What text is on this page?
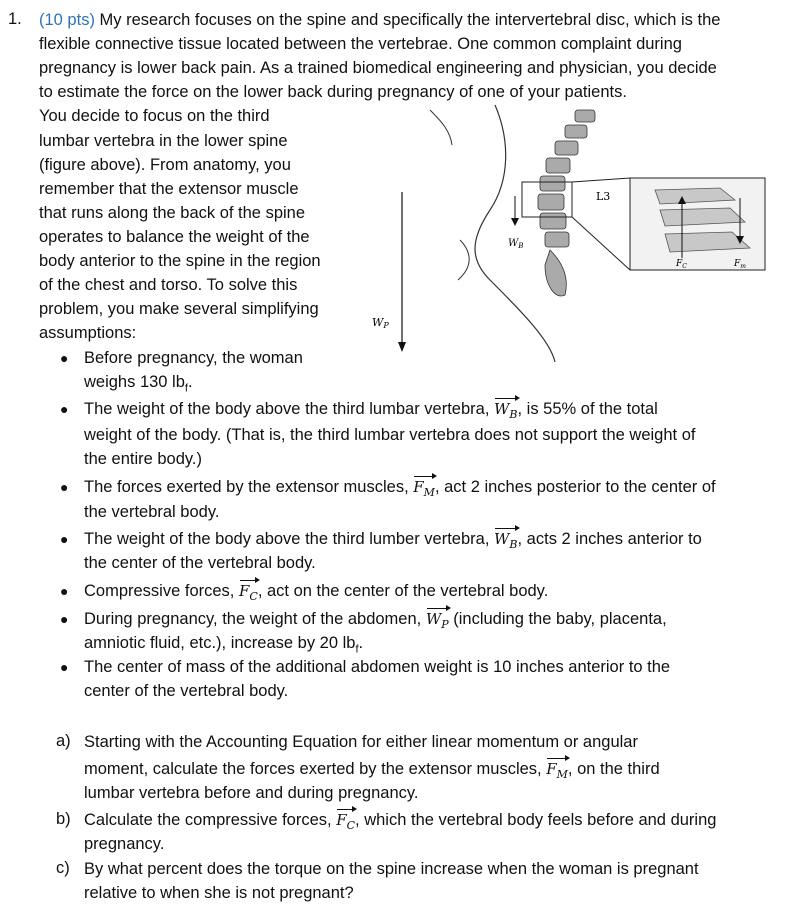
1. (10 pts) My research focuses on the spine and specifically the intervertebral disc, which is the
flexible connective tissue located between the vertebrae. One common complaint during
pregnancy is lower back pain. As a trained biomedical engineering and physician, you decide
to estimate the force on the lower back during pregnancy of one of your patients.
You decide to focus on the third
lumbar vertebra in the lower spine
(figure above). From anatomy, you
remember that the extensor muscle
that runs along the back of the spine
operates to balance the weight of the
body anterior to the spine in the region
of the chest and torso. To solve this
problem, you make several simplifying
assumptions:
L3
$W_B$
WP
$F_C$	$F_m$
● Before pregnancy, the woman
weighs 130 $lb_f$.
● The weight of the body above the third lumbar vertebra, $W_B$, is 55% of the total
weight of the body. (That is, the third lumbar vertebra does not support the weight of
the entire body.)
● The forces exerted by the extensor muscles, $F_M$, act 2 inches posterior to the center of
the vertebral body.
● The weight of the body above the third lumber vertebra, $W_B$, acts 2 inches anterior to
the center of the vertebral body.
● Compressive forces, $F_C$, act on the center of the vertebral body.
● During pregnancy, the weight of the abdomen, $W_P$ (including the baby, placenta,
amniotic fluid, etc.), increase by 20 $lb_f$.
● The center of mass of the additional abdomen weight is 10 inches anterior to the
center of the vertebral body.
a) Starting with the Accounting Equation for either linear momentum or angular
moment, calculate the forces exerted by the extensor muscles, $F_M$, on the third
lumbar vertebra before and during pregnancy.
b) Calculate the compressive forces, $F_C$, which the vertebral body feels before and during
pregnancy.
c) By what percent does the torque on the spine increase when the woman is pregnant
relative to when she is not pregnant?
